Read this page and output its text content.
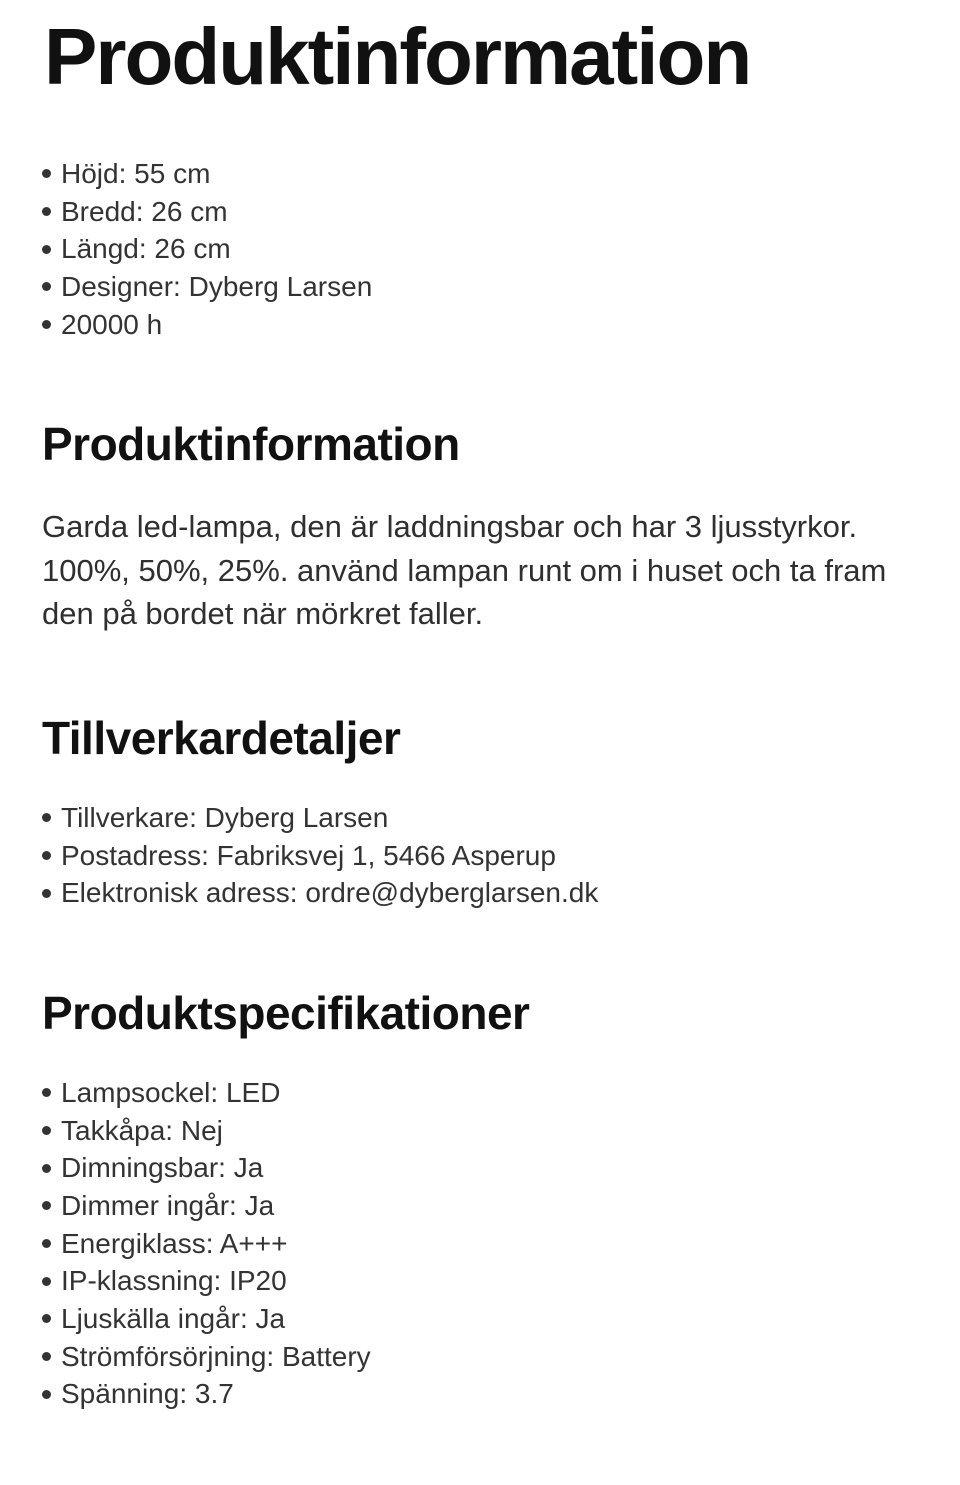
Produktinformation
Höjd: 55 cm
Bredd: 26 cm
Längd: 26 cm
Designer: Dyberg Larsen
20000 h
Produktinformation

Garda led-lampa, den är laddningsbar och har 3 ljusstyrkor. 100%, 50%, 25%. använd lampan runt om i huset och ta fram den på bordet när mörkret faller.

Tillverkardetaljer
Tillverkare: Dyberg Larsen
Postadress: Fabriksvej 1, 5466 Asperup
Elektronisk adress: ordre@dyberglarsen.dk
Produktspecifikationer
Lampsockel: LED
Takkåpa: Nej
Dimningsbar: Ja
Dimmer ingår: Ja
Energiklass: A+++
IP-klassning: IP20
Ljuskälla ingår: Ja
Strömförsörjning: Battery
Spänning: 3.7
